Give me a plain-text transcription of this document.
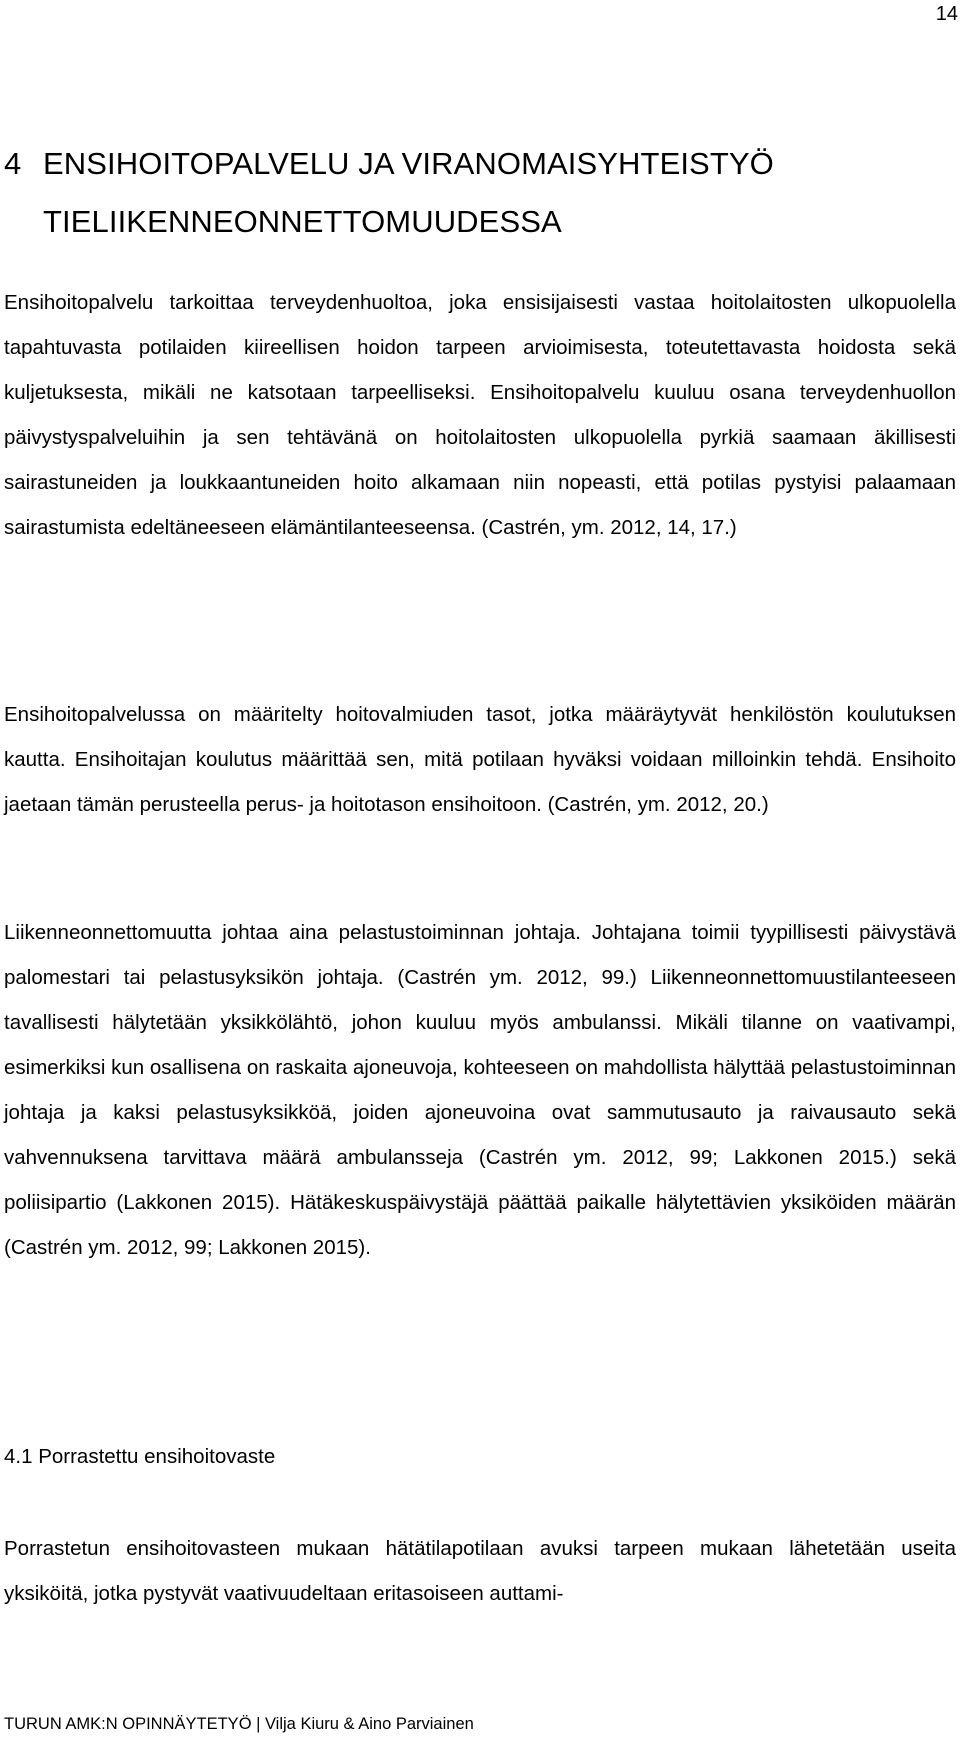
14
4 ENSIHOITOPALVELU JA VIRANOMAISYHTEISTYÖ
TIELIIKENNEONNETTOMUUDESSA

Ensihoitopalvelu tarkoittaa terveydenhuoltoa, joka ensisijaisesti vastaa hoitolaitosten ulkopuolella tapahtuvasta potilaiden kiireellisen hoidon tarpeen arvioimisesta, toteutettavasta hoidosta sekä kuljetuksesta, mikäli ne katsotaan tarpeelliseksi. Ensihoitopalvelu kuuluu osana terveydenhuollon päivystyspalveluihin ja sen tehtävänä on hoitolaitosten ulkopuolella pyrkiä saamaan äkillisesti sairastuneiden ja loukkaantuneiden hoito alkamaan niin nopeasti, että potilas pystyisi palaamaan sairastumista edeltäneeseen elämäntilanteeseensa. (Castrén, ym. 2012, 14, 17.)

Ensihoitopalvelussa on määritelty hoitovalmiuden tasot, jotka määräytyvät henkilöstön koulutuksen kautta. Ensihoitajan koulutus määrittää sen, mitä potilaan hyväksi voidaan milloinkin tehdä. Ensihoito jaetaan tämän perusteella perus- ja hoitotason ensihoitoon. (Castrén, ym. 2012, 20.)

Liikenneonnettomuutta johtaa aina pelastustoiminnan johtaja. Johtajana toimii tyypillisesti päivystävä palomestari tai pelastusyksikön johtaja. (Castrén ym. 2012, 99.) Liikenneonnettomuustilanteeseen tavallisesti hälytetään yksikkölähtö, johon kuuluu myös ambulanssi. Mikäli tilanne on vaativampi, esimerkiksi kun osallisena on raskaita ajoneuvoja, kohteeseen on mahdollista hälyttää pelastustoiminnan johtaja ja kaksi pelastusyksikköä, joiden ajoneuvoina ovat sammutusauto ja raivausauto sekä vahvennuksena tarvittava määrä ambulansseja (Castrén ym. 2012, 99; Lakkonen 2015.) sekä poliisipartio (Lakkonen 2015). Hätäkeskuspäivystäjä päättää paikalle hälytettävien yksiköiden määrän (Castrén ym. 2012, 99; Lakkonen 2015).

4.1 Porrastettu ensihoitovaste

Porrastetun ensihoitovasteen mukaan hätätilapotilaan avuksi tarpeen mukaan lähetetään useita yksiköitä, jotka pystyvät vaativuudeltaan eritasoiseen auttami-

TURUN AMK:N OPINNÄYTETYÖ | Vilja Kiuru & Aino Parviainen
